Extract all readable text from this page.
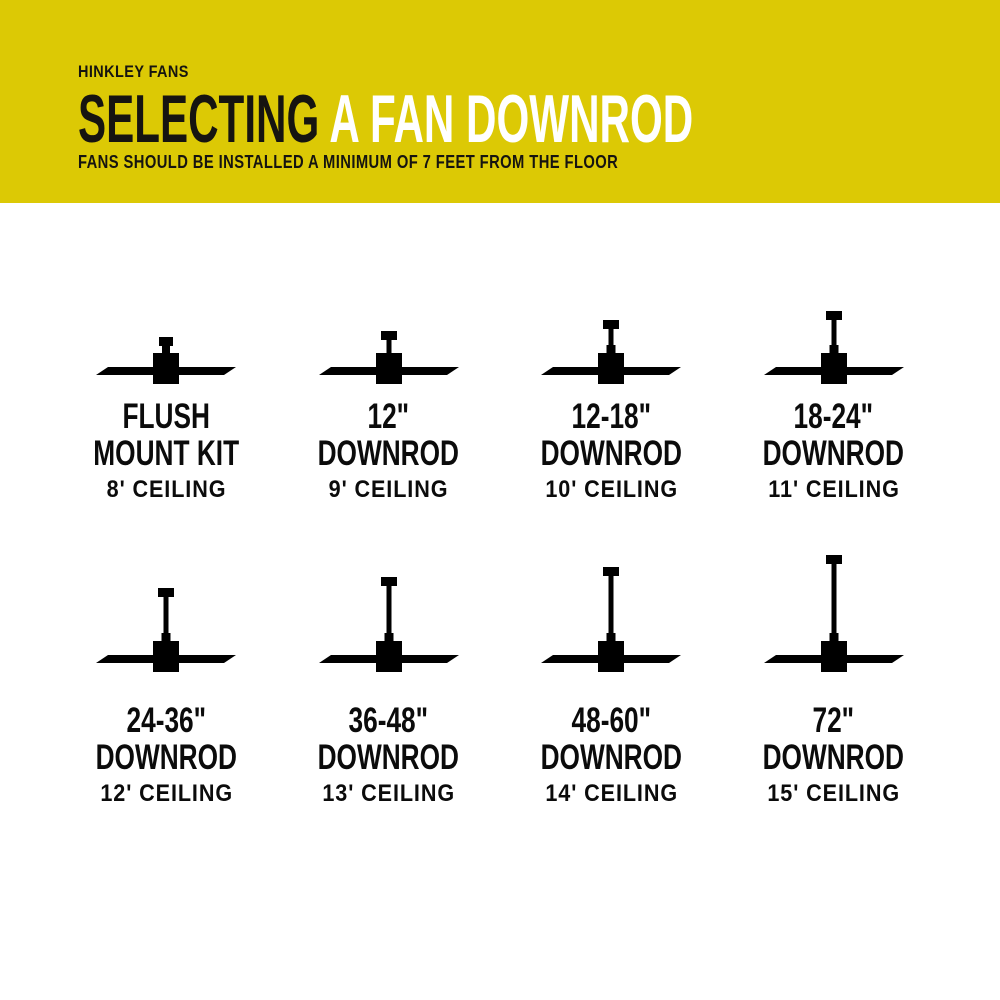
HINKLEY FANS
SELECTING A FAN DOWNROD
FANS SHOULD BE INSTALLED A MINIMUM OF 7 FEET FROM THE FLOOR
FLUSH
MOUNT KIT
8' CEILING
12"
DOWNROD
9' CEILING
12-18"
DOWNROD
10' CEILING
18-24"
DOWNROD
11' CEILING
24-36"
DOWNROD
12' CEILING
36-48"
DOWNROD
13' CEILING
48-60"
DOWNROD
14' CEILING
72"
DOWNROD
15' CEILING
